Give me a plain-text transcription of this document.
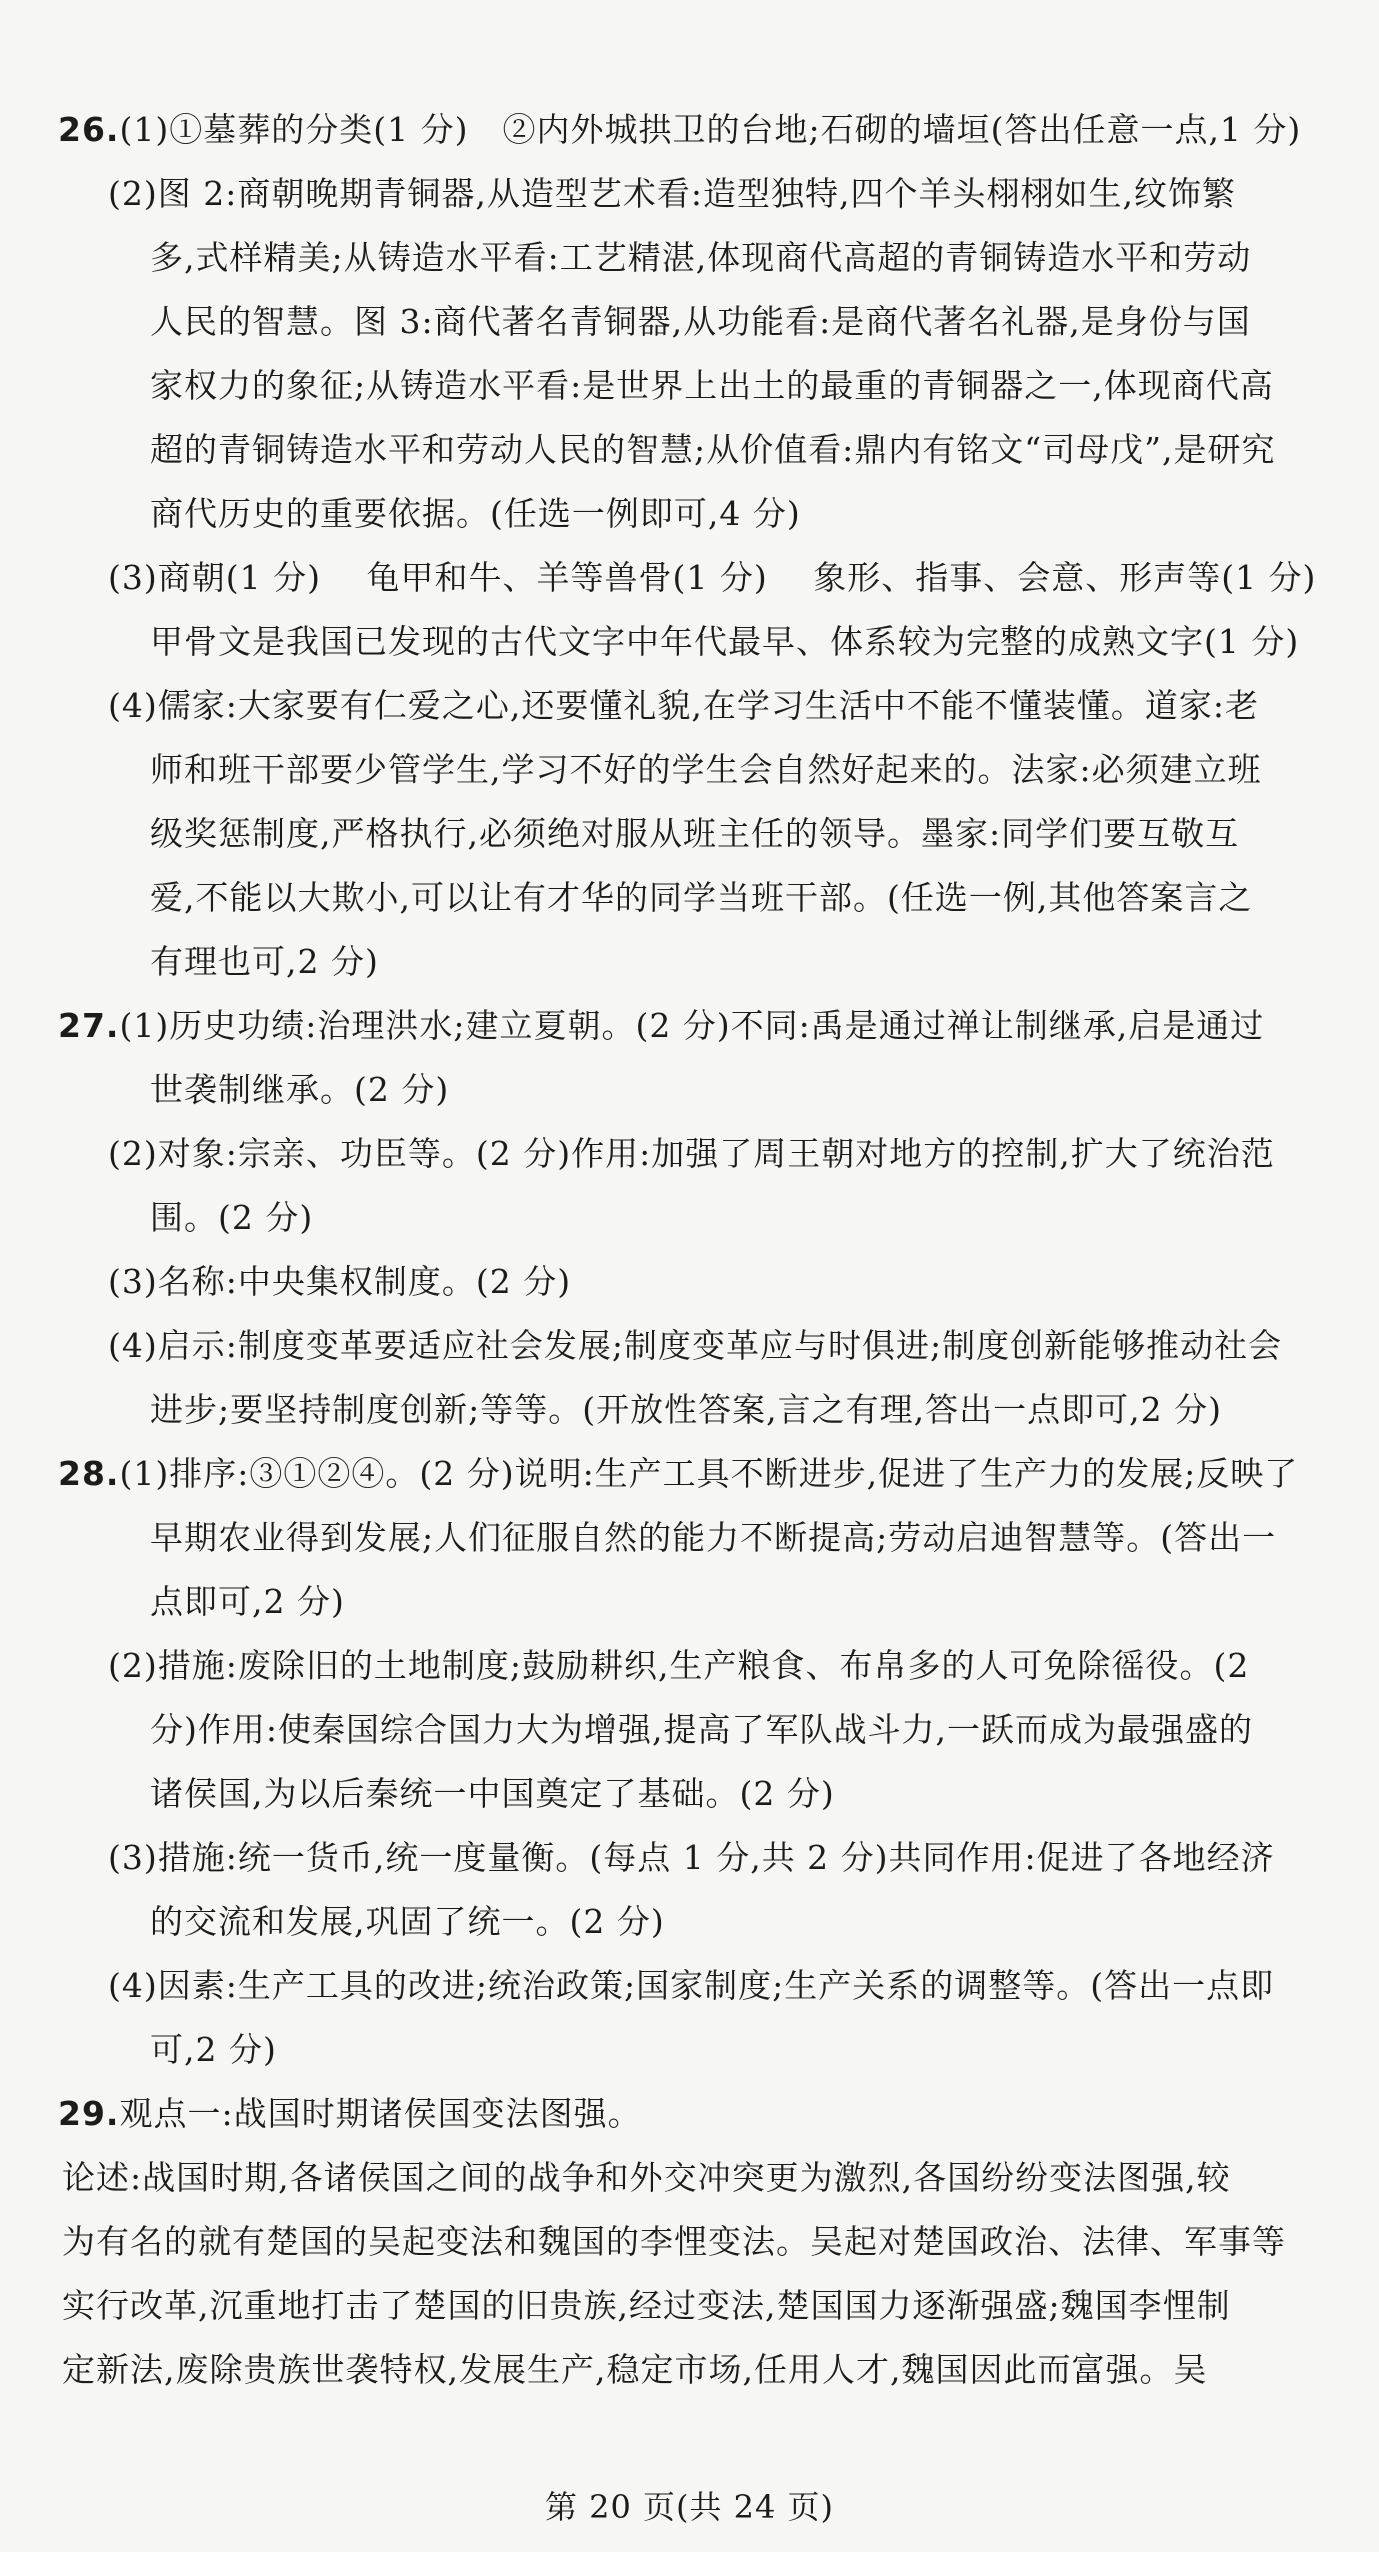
26.(1)①墓葬的分类(1 分)　②内外城拱卫的台地;石砌的墙垣(答出任意一点,1 分)
(2)图 2:商朝晚期青铜器,从造型艺术看:造型独特,四个羊头栩栩如生,纹饰繁
多,式样精美;从铸造水平看:工艺精湛,体现商代高超的青铜铸造水平和劳动
人民的智慧。图 3:商代著名青铜器,从功能看:是商代著名礼器,是身份与国
家权力的象征;从铸造水平看:是世界上出土的最重的青铜器之一,体现商代高
超的青铜铸造水平和劳动人民的智慧;从价值看:鼎内有铭文“司母戊”,是研究
商代历史的重要依据。(任选一例即可,4 分)
(3)商朝(1 分)　 龟甲和牛、羊等兽骨(1 分)　 象形、指事、会意、形声等(1 分)
甲骨文是我国已发现的古代文字中年代最早、体系较为完整的成熟文字(1 分)
(4)儒家:大家要有仁爱之心,还要懂礼貌,在学习生活中不能不懂装懂。道家:老
师和班干部要少管学生,学习不好的学生会自然好起来的。法家:必须建立班
级奖惩制度,严格执行,必须绝对服从班主任的领导。墨家:同学们要互敬互
爱,不能以大欺小,可以让有才华的同学当班干部。(任选一例,其他答案言之
有理也可,2 分)
27.(1)历史功绩:治理洪水;建立夏朝。(2 分)不同:禹是通过禅让制继承,启是通过
世袭制继承。(2 分)
(2)对象:宗亲、功臣等。(2 分)作用:加强了周王朝对地方的控制,扩大了统治范
围。(2 分)
(3)名称:中央集权制度。(2 分)
(4)启示:制度变革要适应社会发展;制度变革应与时俱进;制度创新能够推动社会
进步;要坚持制度创新;等等。(开放性答案,言之有理,答出一点即可,2 分)
28.(1)排序:③①②④。(2 分)说明:生产工具不断进步,促进了生产力的发展;反映了
早期农业得到发展;人们征服自然的能力不断提高;劳动启迪智慧等。(答出一
点即可,2 分)
(2)措施:废除旧的土地制度;鼓励耕织,生产粮食、布帛多的人可免除徭役。(2
分)作用:使秦国综合国力大为增强,提高了军队战斗力,一跃而成为最强盛的
诸侯国,为以后秦统一中国奠定了基础。(2 分)
(3)措施:统一货币,统一度量衡。(每点 1 分,共 2 分)共同作用:促进了各地经济
的交流和发展,巩固了统一。(2 分)
(4)因素:生产工具的改进;统治政策;国家制度;生产关系的调整等。(答出一点即
可,2 分)
29.观点一:战国时期诸侯国变法图强。
论述:战国时期,各诸侯国之间的战争和外交冲突更为激烈,各国纷纷变法图强,较
为有名的就有楚国的吴起变法和魏国的李悝变法。吴起对楚国政治、法律、军事等
实行改革,沉重地打击了楚国的旧贵族,经过变法,楚国国力逐渐强盛;魏国李悝制
定新法,废除贵族世袭特权,发展生产,稳定市场,任用人才,魏国因此而富强。吴
第 20 页(共 24 页)
